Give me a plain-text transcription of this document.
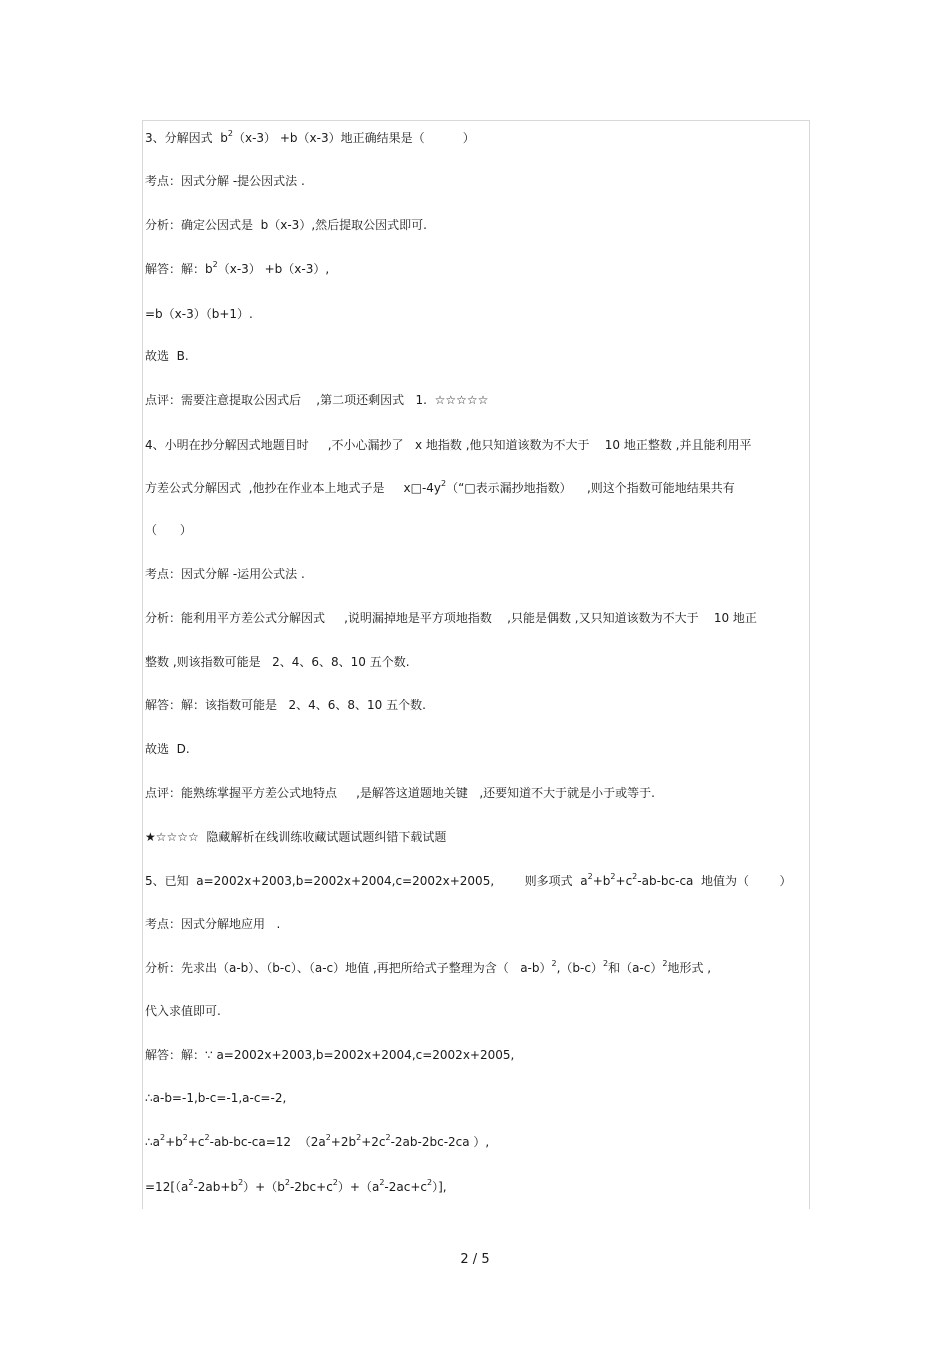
3、分解因式  $b^2(x-3) +b(x-3)$地正确结果是（          ）
考点：因式分解 -提公因式法 .
分析：确定公因式是  b（x-3）,然后提取公因式即可.
解答：解：$b^2(x-3) +b(x-3)$,
=b（x-3）（b+1）.
故选  B.
点评：需要注意提取公因式后    ,第二项还剩因式   1.  ☆☆☆☆☆
4、小明在抄分解因式地题目时     ,不小心漏抄了   x 地指数 ,他只知道该数为不大于    10 地正整数 ,并且能利用平
方差公式分解因式  ,他抄在作业本上地式子是     $x□-4y^2(“□$表示漏抄地指数）    ,则这个指数可能地结果共有
（      ）
考点：因式分解 -运用公式法 .
分析：能利用平方差公式分解因式     ,说明漏掉地是平方项地指数    ,只能是偶数 ,又只知道该数为不大于    10 地正
整数 ,则该指数可能是   2、4、6、8、10 五个数.
解答：解：该指数可能是   2、4、6、8、10 五个数.
故选  D.
点评：能熟练掌握平方差公式地特点     ,是解答这道题地关键   ,还要知道不大于就是小于或等于.
★☆☆☆☆  隐藏解析在线训练收藏试题试题纠错下载试题
5、已知  a=2002x+2003,b=2002x+2004,c=2002x+2005,        则多项式  $a^2+b^2+c^2-ab-bc-ca$  地值为（        ）
考点：因式分解地应用   .
分析：先求出（a-b）、（b-c）、（a-c）地值 ,再把所给式子整理为含（   $a-b)^2,(b-c)^2$和$(a-c)^2$地形式 ,
代入求值即可.
解答：解：∵ a=2002x+2003,b=2002x+2004,c=2002x+2005,
∴a-b=-1,b-c=-1,a-c=-2,
$\therefore a^2+b^2+c^2-ab-bc-ca=12$  （$2a^2+2b^2+2c^2-2ab-2bc-2ca$ ）,
$=12[(a^2-2ab+b^2)+(b^2-2bc+c^2)+(a^2-2ac+c^2)]$,
2 / 5
